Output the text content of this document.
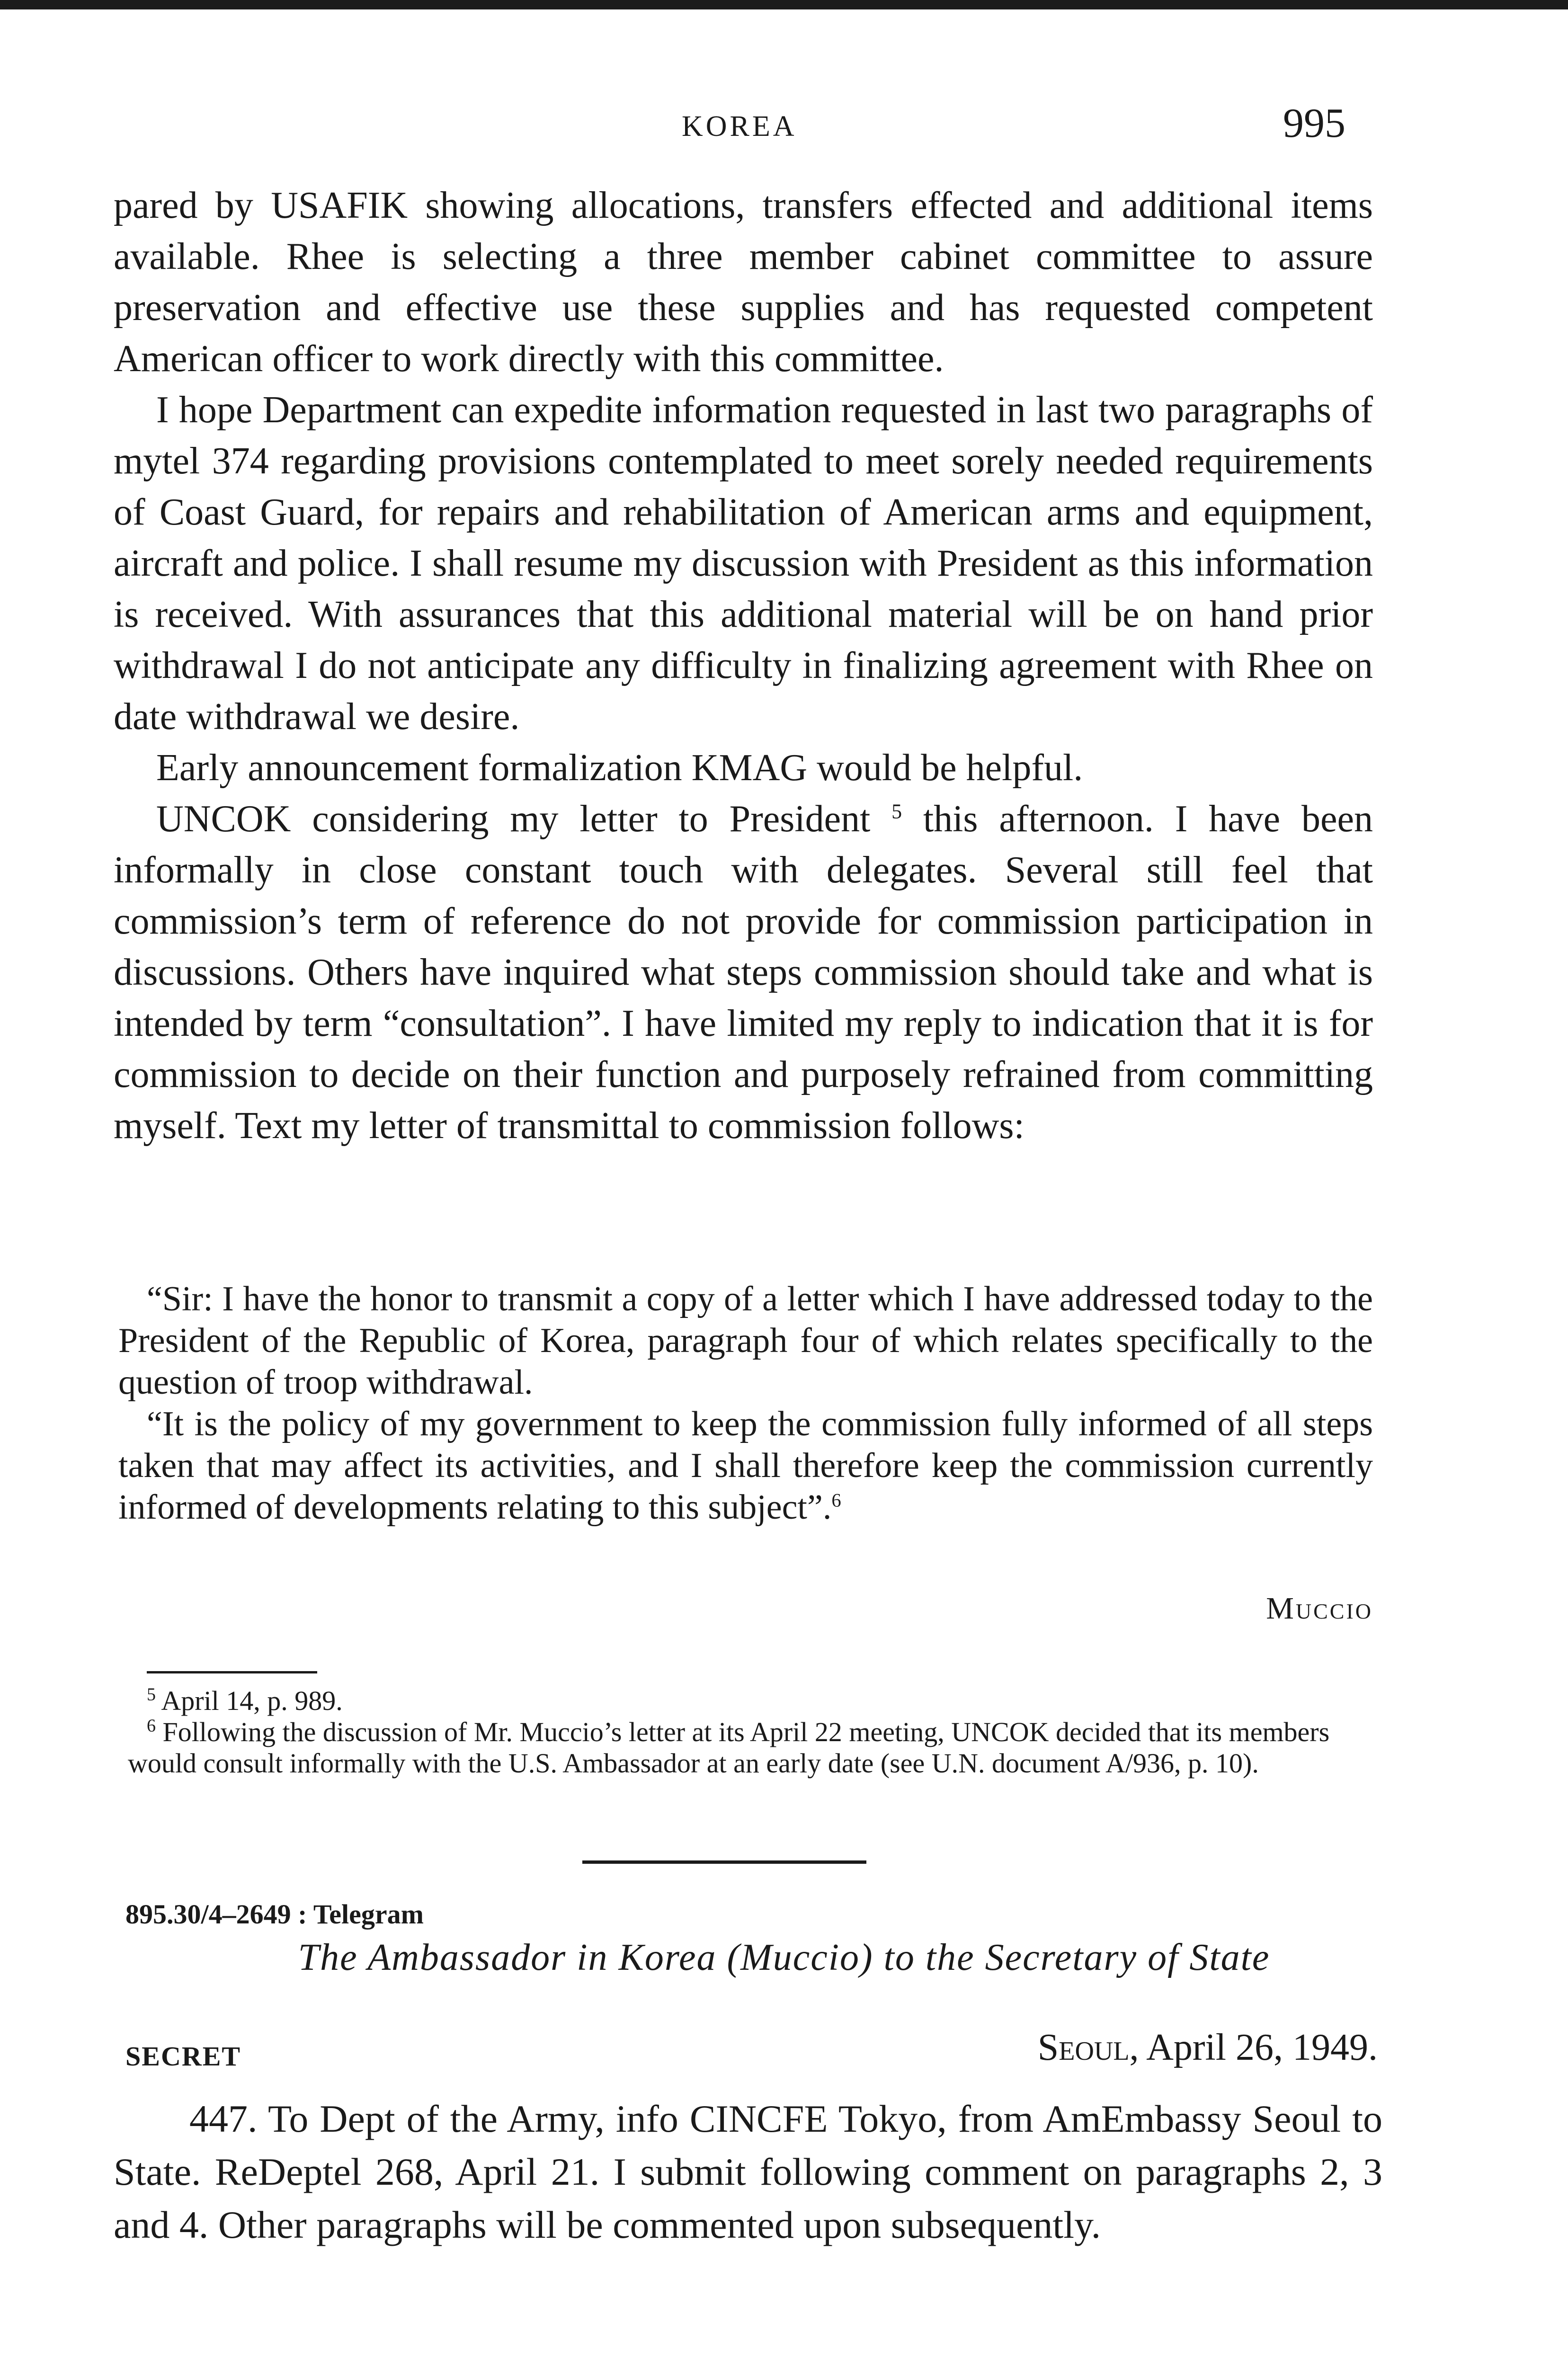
KOREA	995

pared by USAFIK showing allocations, transfers effected and additional items available. Rhee is selecting a three member cabinet committee to assure preservation and effective use these supplies and has requested competent American officer to work directly with this committee.

I hope Department can expedite information requested in last two paragraphs of mytel 374 regarding provisions contemplated to meet sorely needed requirements of Coast Guard, for repairs and rehabilitation of American arms and equipment, aircraft and police. I shall resume my discussion with President as this information is received. With assurances that this additional material will be on hand prior withdrawal I do not anticipate any difficulty in finalizing agreement with Rhee on date withdrawal we desire.

Early announcement formalization KMAG would be helpful.

UNCOK considering my letter to President $^5$ this afternoon. I have been informally in close constant touch with delegates. Several still feel that commission’s term of reference do not provide for commission participation in discussions. Others have inquired what steps commission should take and what is intended by term “consultation”. I have limited my reply to indication that it is for commission to decide on their function and purposely refrained from committing myself. Text my letter of transmittal to commission follows:

“Sir: I have the honor to transmit a copy of a letter which I have addressed today to the President of the Republic of Korea, paragraph four of which relates specifically to the question of troop withdrawal.

“It is the policy of my government to keep the commission fully informed of all steps taken that may affect its activities, and I shall therefore keep the commission currently informed of developments relating to this subject”.$^6$

Muccio

$^5$ April 14, p. 989.

$^6$ Following the discussion of Mr. Muccio’s letter at its April 22 meeting, UNCOK decided that its members would consult informally with the U.S. Ambassador at an early date (see U.N. document A/936, p. 10).

895.30/4–2649 : Telegram
The Ambassador in Korea (Muccio) to the Secretary of State
SECRET	Seoul, April 26, 1949.

447. To Dept of the Army, info CINCFE Tokyo, from AmEmbassy Seoul to State. ReDeptel 268, April 21. I submit following comment on paragraphs 2, 3 and 4. Other paragraphs will be commented upon subsequently.
